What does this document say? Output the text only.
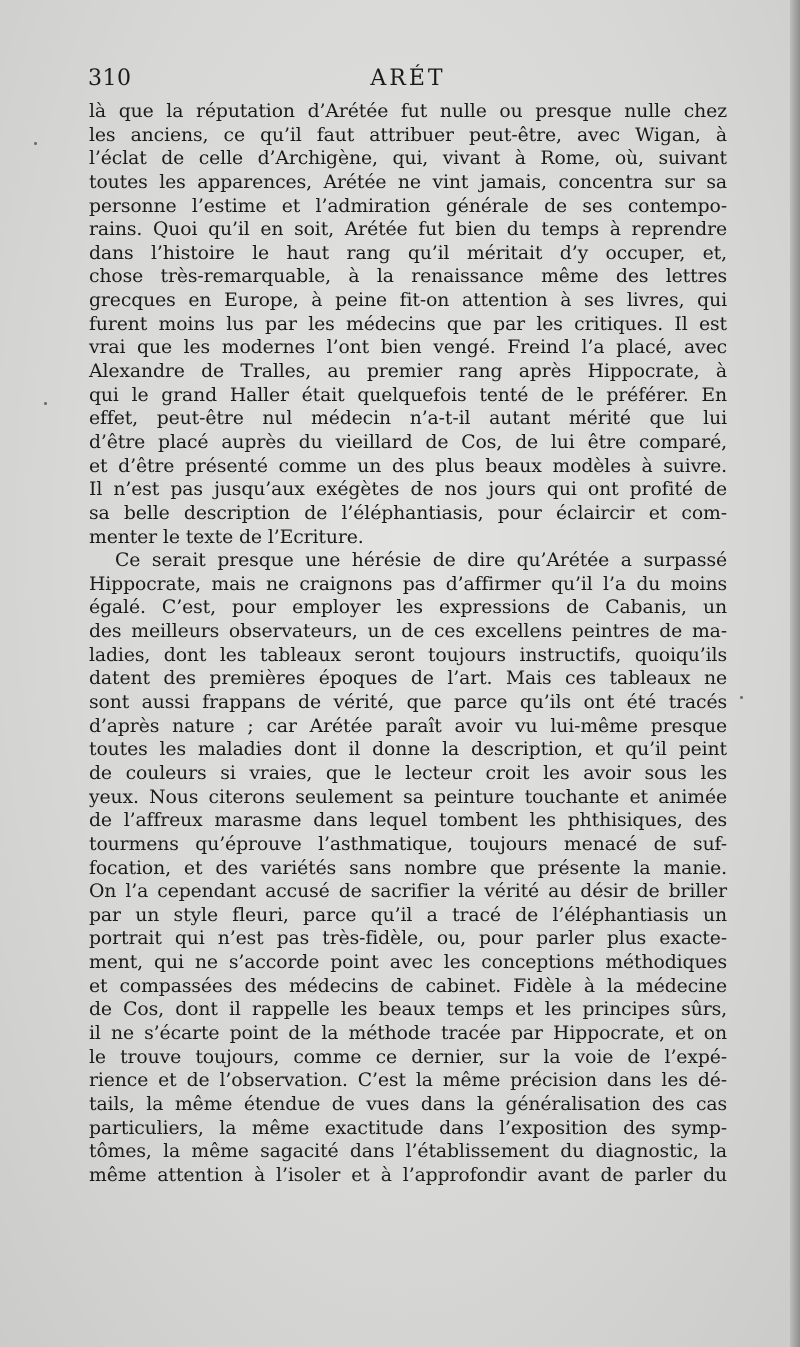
310	ARÉT
là que la réputation d’Arétée fut nulle ou presque nulle chez
les anciens, ce qu’il faut attribuer peut-être, avec Wigan, à
l’éclat de celle d’Archigène, qui, vivant à Rome, où, suivant
toutes les apparences, Arétée ne vint jamais, concentra sur sa
personne l’estime et l’admiration générale de ses contempo-
rains. Quoi qu’il en soit, Arétée fut bien du temps à reprendre
dans l’histoire le haut rang qu’il méritait d’y occuper, et,
chose très-remarquable, à la renaissance même des lettres
grecques en Europe, à peine fit-on attention à ses livres, qui
furent moins lus par les médecins que par les critiques. Il est
vrai que les modernes l’ont bien vengé. Freind l’a placé, avec
Alexandre de Tralles, au premier rang après Hippocrate, à
qui le grand Haller était quelquefois tenté de le préférer. En
effet, peut-être nul médecin n’a-t-il autant mérité que lui
d’être placé auprès du vieillard de Cos, de lui être comparé,
et d’être présenté comme un des plus beaux modèles à suivre.
Il n’est pas jusqu’aux exégètes de nos jours qui ont profité de
sa belle description de l’éléphantiasis, pour éclaircir et com-
menter le texte de l’Ecriture.
Ce serait presque une hérésie de dire qu’Arétée a surpassé
Hippocrate, mais ne craignons pas d’affirmer qu’il l’a du moins
égalé. C’est, pour employer les expressions de Cabanis, un
des meilleurs observateurs, un de ces excellens peintres de ma-
ladies, dont les tableaux seront toujours instructifs, quoiqu’ils
datent des premières époques de l’art. Mais ces tableaux ne
sont aussi frappans de vérité, que parce qu’ils ont été tracés
d’après nature ; car Arétée paraît avoir vu lui-même presque
toutes les maladies dont il donne la description, et qu’il peint
de couleurs si vraies, que le lecteur croit les avoir sous les
yeux. Nous citerons seulement sa peinture touchante et animée
de l’affreux marasme dans lequel tombent les phthisiques, des
tourmens qu’éprouve l’asthmatique, toujours menacé de suf-
focation, et des variétés sans nombre que présente la manie.
On l’a cependant accusé de sacrifier la vérité au désir de briller
par un style fleuri, parce qu’il a tracé de l’éléphantiasis un
portrait qui n’est pas très-fidèle, ou, pour parler plus exacte-
ment, qui ne s’accorde point avec les conceptions méthodiques
et compassées des médecins de cabinet. Fidèle à la médecine
de Cos, dont il rappelle les beaux temps et les principes sûrs,
il ne s’écarte point de la méthode tracée par Hippocrate, et on
le trouve toujours, comme ce dernier, sur la voie de l’expé-
rience et de l’observation. C’est la même précision dans les dé-
tails, la même étendue de vues dans la généralisation des cas
particuliers, la même exactitude dans l’exposition des symp-
tômes, la même sagacité dans l’établissement du diagnostic, la
même attention à l’isoler et à l’approfondir avant de parler du
